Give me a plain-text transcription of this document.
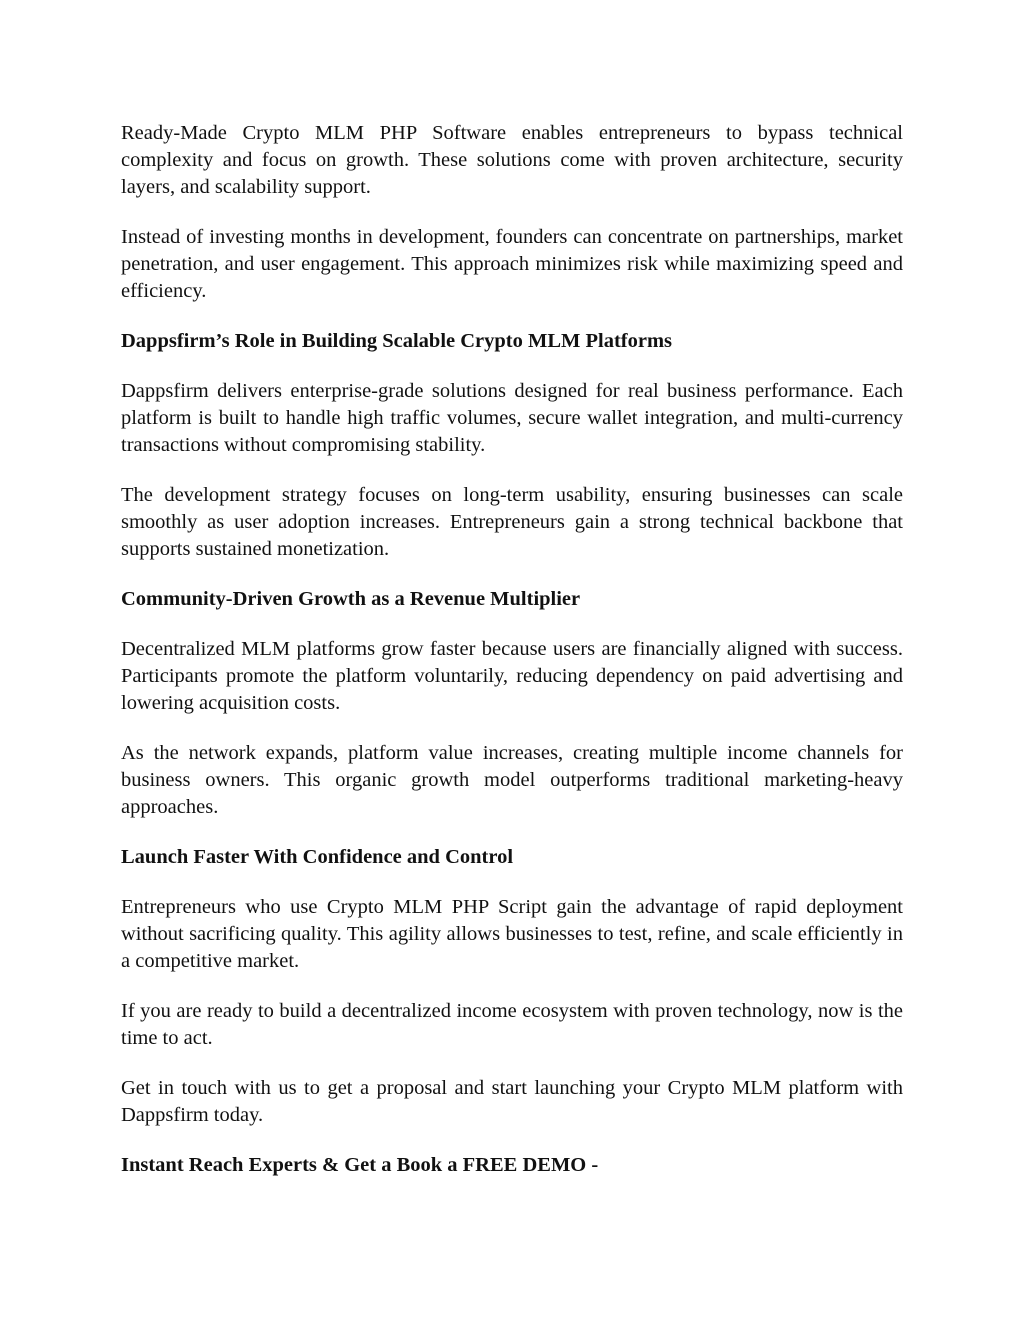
Ready-Made Crypto MLM PHP Software enables entrepreneurs to bypass technical complexity and focus on growth. These solutions come with proven architecture, security layers, and scalability support.

Instead of investing months in development, founders can concentrate on partnerships, market penetration, and user engagement. This approach minimizes risk while maximizing speed and efficiency.

Dappsfirm’s Role in Building Scalable Crypto MLM Platforms

Dappsfirm delivers enterprise-grade solutions designed for real business performance. Each platform is built to handle high traffic volumes, secure wallet integration, and multi-currency transactions without compromising stability.

The development strategy focuses on long-term usability, ensuring businesses can scale smoothly as user adoption increases. Entrepreneurs gain a strong technical backbone that supports sustained monetization.

Community-Driven Growth as a Revenue Multiplier

Decentralized MLM platforms grow faster because users are financially aligned with success. Participants promote the platform voluntarily, reducing dependency on paid advertising and lowering acquisition costs.

As the network expands, platform value increases, creating multiple income channels for business owners. This organic growth model outperforms traditional marketing-heavy approaches.

Launch Faster With Confidence and Control

Entrepreneurs who use Crypto MLM PHP Script gain the advantage of rapid deployment without sacrificing quality. This agility allows businesses to test, refine, and scale efficiently in a competitive market.

If you are ready to build a decentralized income ecosystem with proven technology, now is the time to act.

Get in touch with us to get a proposal and start launching your Crypto MLM platform with Dappsfirm today.

Instant Reach Experts & Get a Book a FREE DEMO -
